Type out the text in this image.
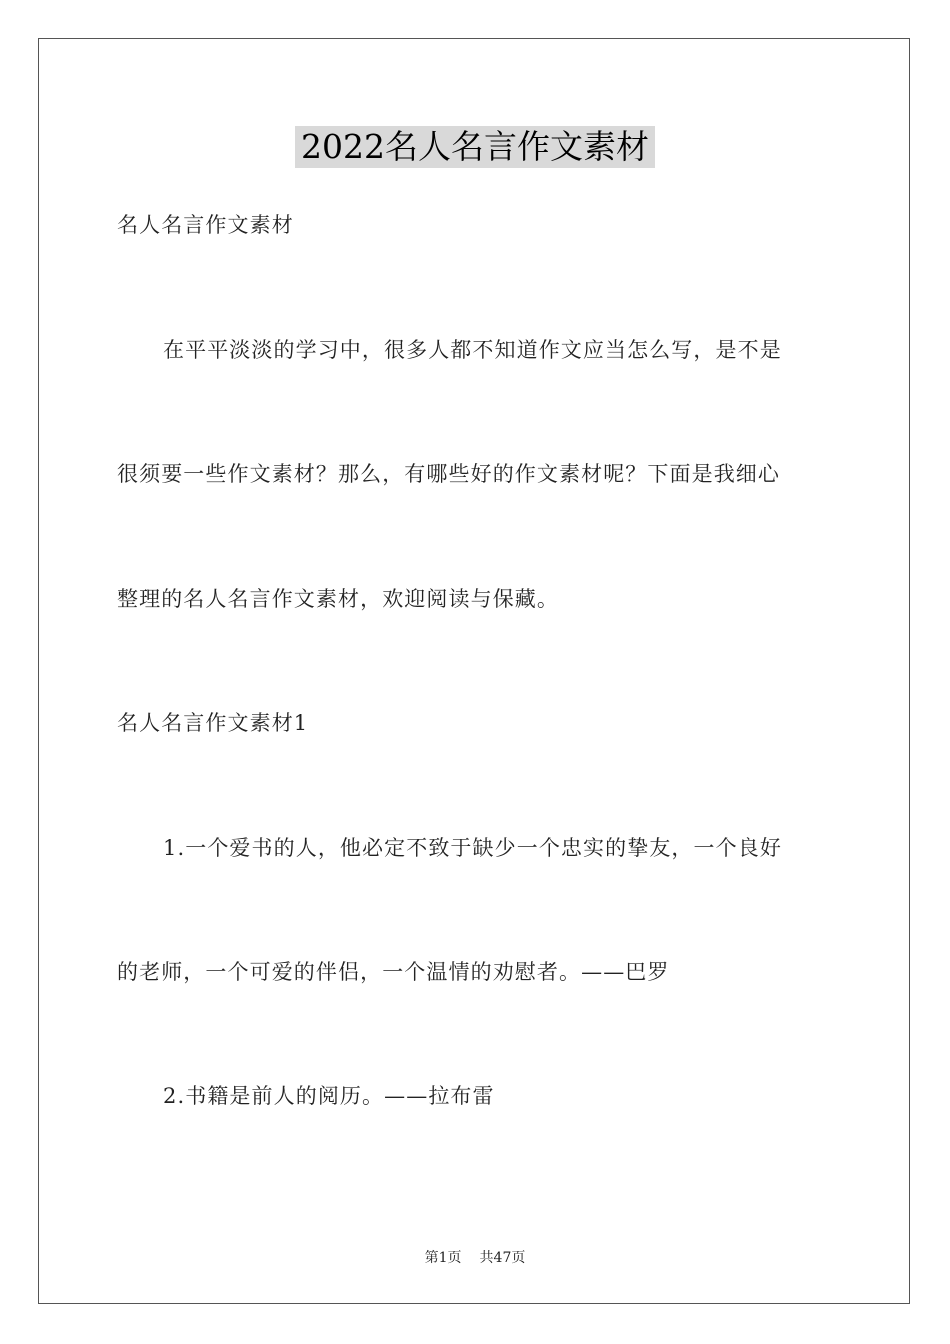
2022名人名言作文素材
名人名言作文素材
在平平淡淡的学习中，很多人都不知道作文应当怎么写，是不是
很须要一些作文素材？那么，有哪些好的作文素材呢？下面是我细心
整理的名人名言作文素材，欢迎阅读与保藏。
名人名言作文素材1
1.一个爱书的人，他必定不致于缺少一个忠实的挚友，一个良好
的老师，一个可爱的伴侣，一个温情的劝慰者。——巴罗
2.书籍是前人的阅历。——拉布雷
第1页 共47页
